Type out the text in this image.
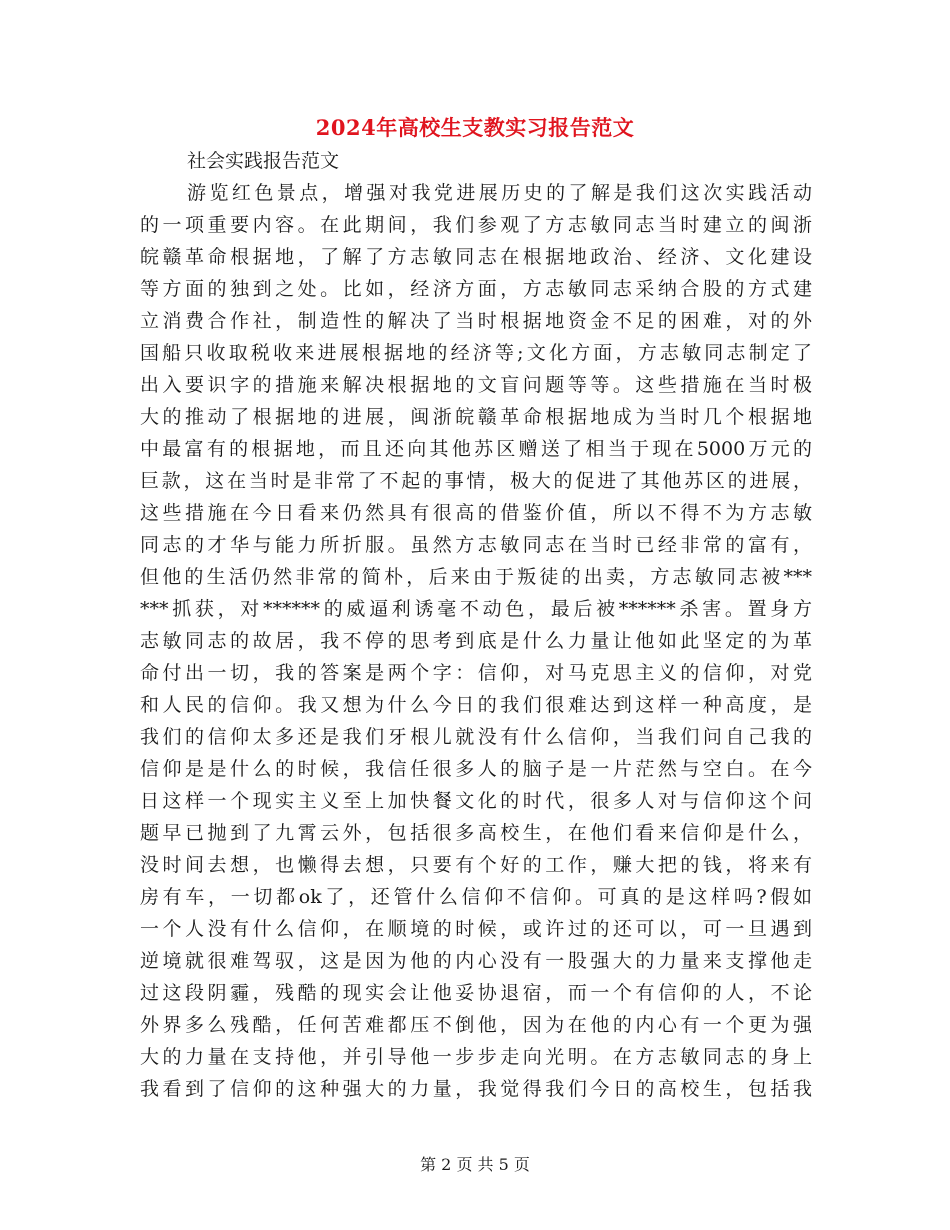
2024年高校生支教实习报告范文
社会实践报告范文
游览红色景点，增强对我党进展历史的了解是我们这次实践活动
的一项重要内容。在此期间，我们参观了方志敏同志当时建立的闽浙
皖赣革命根据地，了解了方志敏同志在根据地政治、经济、文化建设
等方面的独到之处。比如，经济方面，方志敏同志采纳合股的方式建
立消费合作社，制造性的解决了当时根据地资金不足的困难，对的外
国船只收取税收来进展根据地的经济等;文化方面，方志敏同志制定了
出入要识字的措施来解决根据地的文盲问题等等。这些措施在当时极
大的推动了根据地的进展，闽浙皖赣革命根据地成为当时几个根据地
中最富有的根据地，而且还向其他苏区赠送了相当于现在5000万元的
巨款，这在当时是非常了不起的事情，极大的促进了其他苏区的进展，
这些措施在今日看来仍然具有很高的借鉴价值，所以不得不为方志敏
同志的才华与能力所折服。虽然方志敏同志在当时已经非常的富有，
但他的生活仍然非常的简朴，后来由于叛徒的出卖，方志敏同志被***
***抓获，对******的威逼利诱毫不动色，最后被******杀害。置身方
志敏同志的故居，我不停的思考到底是什么力量让他如此坚定的为革
命付出一切，我的答案是两个字：信仰，对马克思主义的信仰，对党
和人民的信仰。我又想为什么今日的我们很难达到这样一种高度，是
我们的信仰太多还是我们牙根儿就没有什么信仰，当我们问自己我的
信仰是是什么的时候，我信任很多人的脑子是一片茫然与空白。在今
日这样一个现实主义至上加快餐文化的时代，很多人对与信仰这个问
题早已抛到了九霄云外，包括很多高校生，在他们看来信仰是什么，
没时间去想，也懒得去想，只要有个好的工作，赚大把的钱，将来有
房有车，一切都ok了，还管什么信仰不信仰。可真的是这样吗?假如
一个人没有什么信仰，在顺境的时候，或许过的还可以，可一旦遇到
逆境就很难驾驭，这是因为他的内心没有一股强大的力量来支撑他走
过这段阴霾，残酷的现实会让他妥协退宿，而一个有信仰的人，不论
外界多么残酷，任何苦难都压不倒他，因为在他的内心有一个更为强
大的力量在支持他，并引导他一步步走向光明。在方志敏同志的身上
我看到了信仰的这种强大的力量，我觉得我们今日的高校生，包括我
第 2 页 共 5 页
